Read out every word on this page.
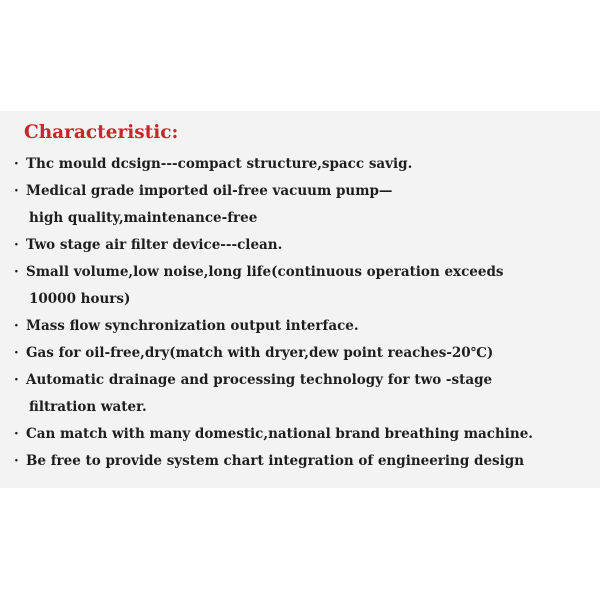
Characteristic:
· Thc mould dcsign---compact structure,spacc savig.
· Medical grade imported oil-free vacuum pump—
high quality,maintenance-free
· Two stage air filter device---clean.
· Small volume,low noise,long life(continuous operation exceeds
10000 hours)
· Mass flow synchronization output interface.
· Gas for oil-free,dry(match with dryer,dew point reaches-20℃)
· Automatic drainage and processing technology for two -stage
filtration water.
· Can match with many domestic,national brand breathing machine.
· Be free to provide system chart integration of engineering design
